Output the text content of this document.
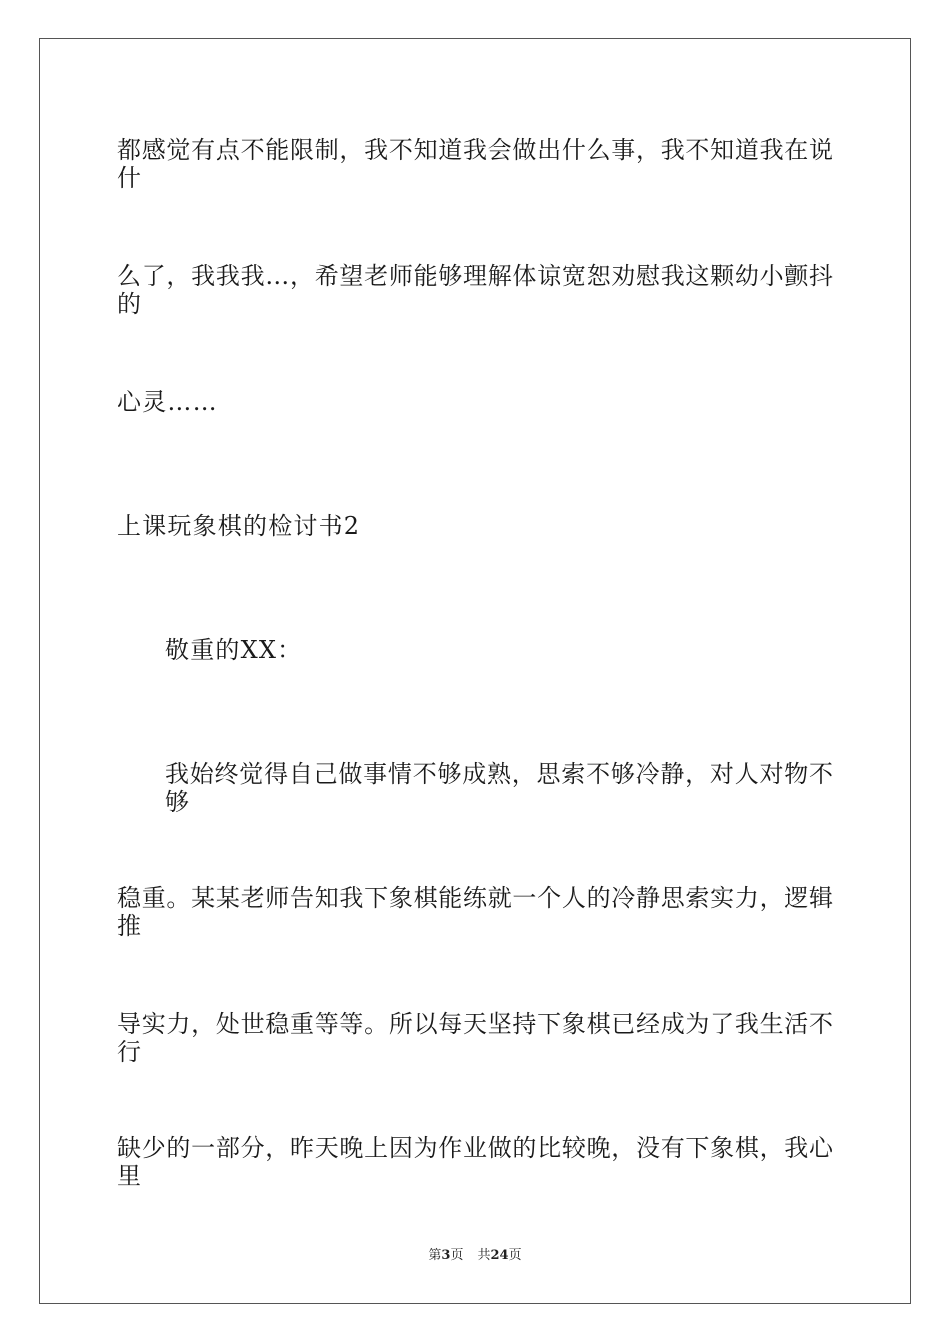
都感觉有点不能限制，我不知道我会做出什么事，我不知道我在说什
么了，我我我…，希望老师能够理解体谅宽恕劝慰我这颗幼小颤抖的
心灵……
上课玩象棋的检讨书2
敬重的XX：
我始终觉得自己做事情不够成熟，思索不够冷静，对人对物不够
稳重。某某老师告知我下象棋能练就一个人的冷静思索实力，逻辑推
导实力，处世稳重等等。所以每天坚持下象棋已经成为了我生活不行
缺少的一部分，昨天晚上因为作业做的比较晚，没有下象棋，我心里
第3页 共24页
